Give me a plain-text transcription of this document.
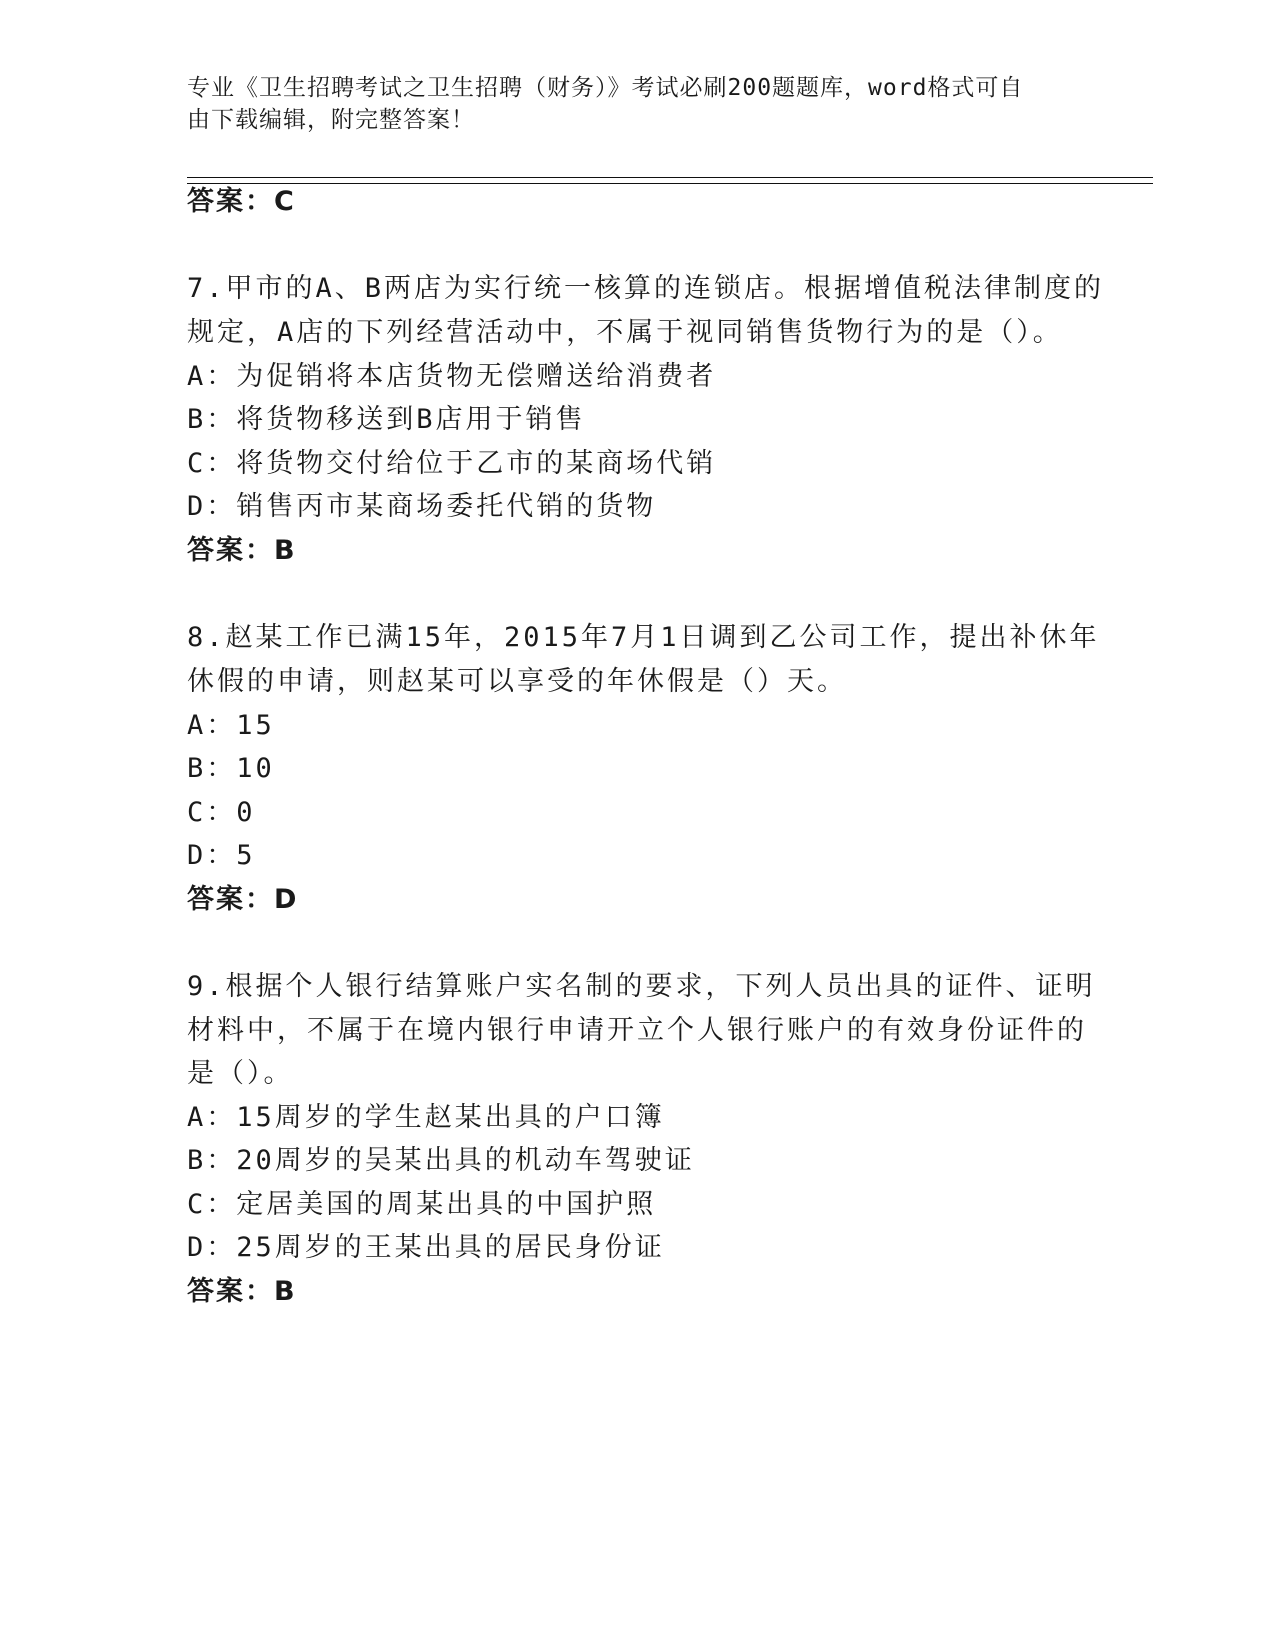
专业《卫生招聘考试之卫生招聘（财务）》考试必刷200题题库，word格式可自
由下载编辑，附完整答案！
答案：C
7.甲市的A、B两店为实行统一核算的连锁店。根据增值税法律制度的
规定，A店的下列经营活动中，不属于视同销售货物行为的是（）。
A：为促销将本店货物无偿赠送给消费者
B：将货物移送到B店用于销售
C：将货物交付给位于乙市的某商场代销
D：销售丙市某商场委托代销的货物
答案：B
8.赵某工作已满15年，2015年7月1日调到乙公司工作，提出补休年
休假的申请，则赵某可以享受的年休假是（）天。
A：15
B：10
C：0
D：5
答案：D
9.根据个人银行结算账户实名制的要求，下列人员出具的证件、证明
材料中，不属于在境内银行申请开立个人银行账户的有效身份证件的
是（）。
A：15周岁的学生赵某出具的户口簿
B：20周岁的吴某出具的机动车驾驶证
C：定居美国的周某出具的中国护照
D：25周岁的王某出具的居民身份证
答案：B
